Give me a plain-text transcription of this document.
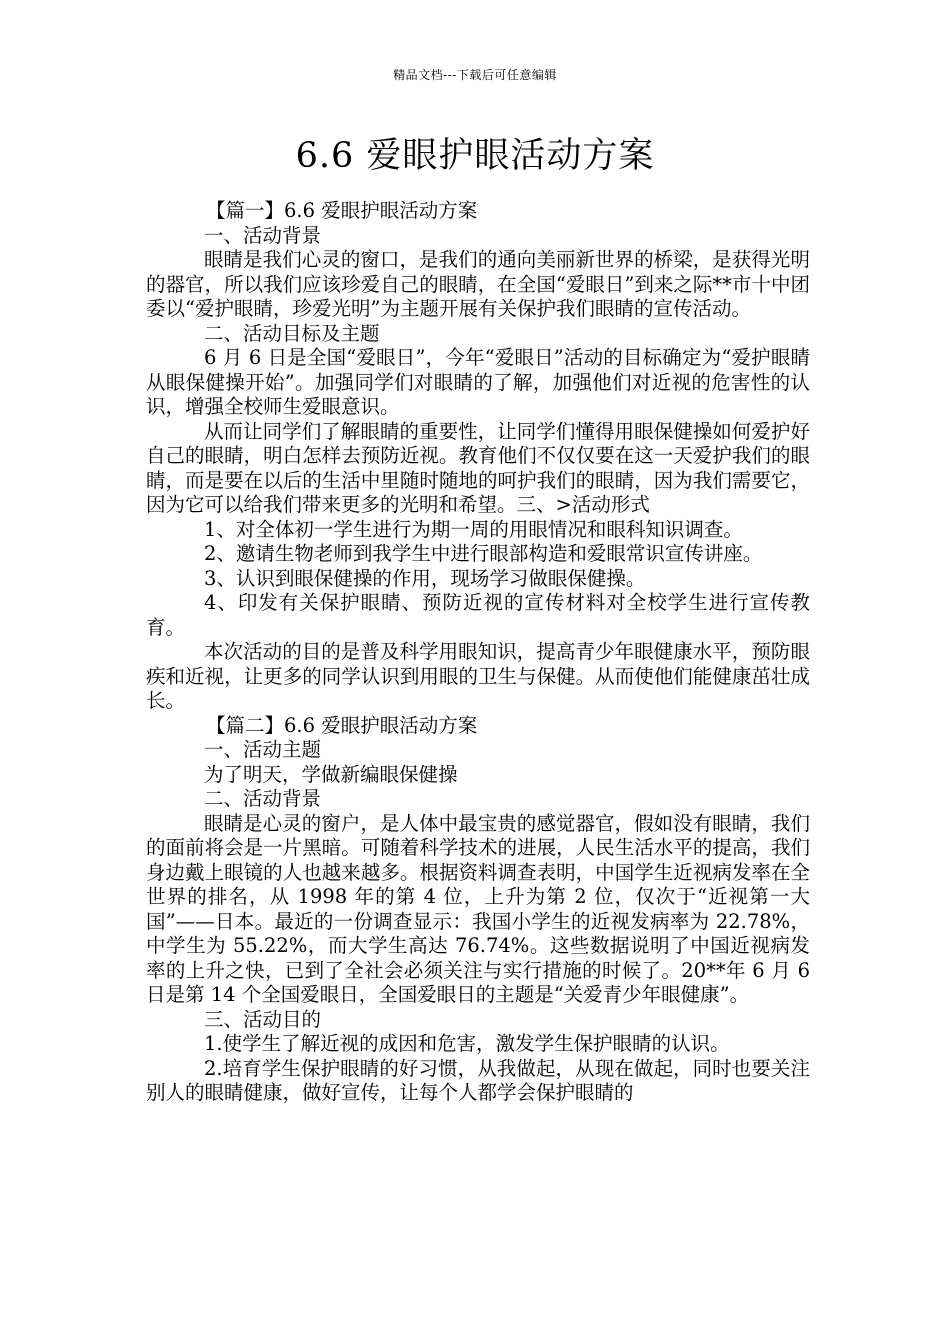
精品文档---下载后可任意编辑
6.6 爱眼护眼活动方案

【篇一】6.6 爱眼护眼活动方案

一、活动背景

眼睛是我们心灵的窗口，是我们的通向美丽新世界的桥梁，是获得光明的器官，所以我们应该珍爱自己的眼睛，在全国“爱眼日”到来之际**市十中团委以“爱护眼睛，珍爱光明”为主题开展有关保护我们眼睛的宣传活动。

二、活动目标及主题

6 月 6 日是全国“爱眼日”，今年“爱眼日”活动的目标确定为“爱护眼睛从眼保健操开始”。加强同学们对眼睛的了解，加强他们对近视的危害性的认识，增强全校师生爱眼意识。

从而让同学们了解眼睛的重要性，让同学们懂得用眼保健操如何爱护好自己的眼睛，明白怎样去预防近视。教育他们不仅仅要在这一天爱护我们的眼睛，而是要在以后的生活中里随时随地的呵护我们的眼睛，因为我们需要它，因为它可以给我们带来更多的光明和希望。三、>活动形式

1、对全体初一学生进行为期一周的用眼情况和眼科知识调查。

2、邀请生物老师到我学生中进行眼部构造和爱眼常识宣传讲座。

3、认识到眼保健操的作用，现场学习做眼保健操。

4、印发有关保护眼睛、预防近视的宣传材料对全校学生进行宣传教育。

本次活动的目的是普及科学用眼知识，提高青少年眼健康水平，预防眼疾和近视，让更多的同学认识到用眼的卫生与保健。从而使他们能健康茁壮成长。

【篇二】6.6 爱眼护眼活动方案

一、活动主题

为了明天，学做新编眼保健操

二、活动背景

眼睛是心灵的窗户，是人体中最宝贵的感觉器官，假如没有眼睛，我们的面前将会是一片黑暗。可随着科学技术的进展，人民生活水平的提高，我们身边戴上眼镜的人也越来越多。根据资料调查表明，中国学生近视病发率在全世界的排名，从 1998 年的第 4 位，上升为第 2 位，仅次于“近视第一大国”——日本。最近的一份调查显示：我国小学生的近视发病率为 22.78%，中学生为 55.22%，而大学生高达 76.74%。这些数据说明了中国近视病发率的上升之快，已到了全社会必须关注与实行措施的时候了。20**年 6 月 6 日是第 14 个全国爱眼日，全国爱眼日的主题是“关爱青少年眼健康”。

三、活动目的

1.使学生了解近视的成因和危害，激发学生保护眼睛的认识。

2.培育学生保护眼睛的好习惯，从我做起，从现在做起，同时也要关注别人的眼睛健康，做好宣传，让每个人都学会保护眼睛的
